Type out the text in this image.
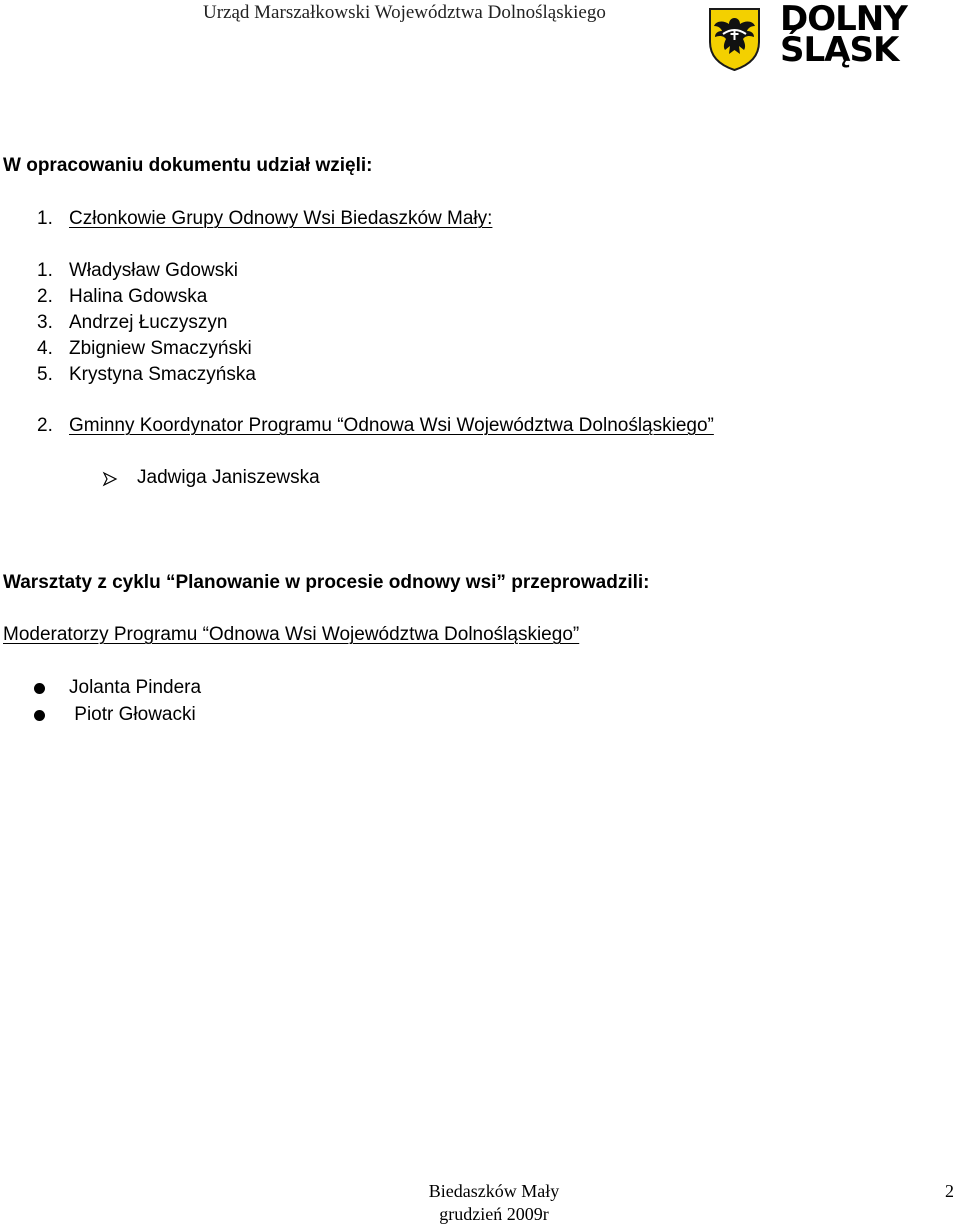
Urząd Marszałkowski Województwa Dolnośląskiego	DOLNY
ŚLĄSK
W opracowaniu dokumentu udział wzięli:
1. Członkowie Grupy Odnowy Wsi Biedaszków Mały:
1. Władysław Gdowski
2. Halina Gdowska
3. Andrzej Łuczyszyn
4. Zbigniew Smaczyński
5. Krystyna Smaczyńska
2. Gminny Koordynator Programu “Odnowa Wsi Województwa Dolnośląskiego”
Jadwiga Janiszewska
Warsztaty z cyklu “Planowanie w procesie odnowy wsi” przeprowadzili:
Moderatorzy Programu “Odnowa Wsi Województwa Dolnośląskiego”
Jolanta Pindera
Piotr Głowacki
Biedaszków Mały
grudzień 2009r
2
